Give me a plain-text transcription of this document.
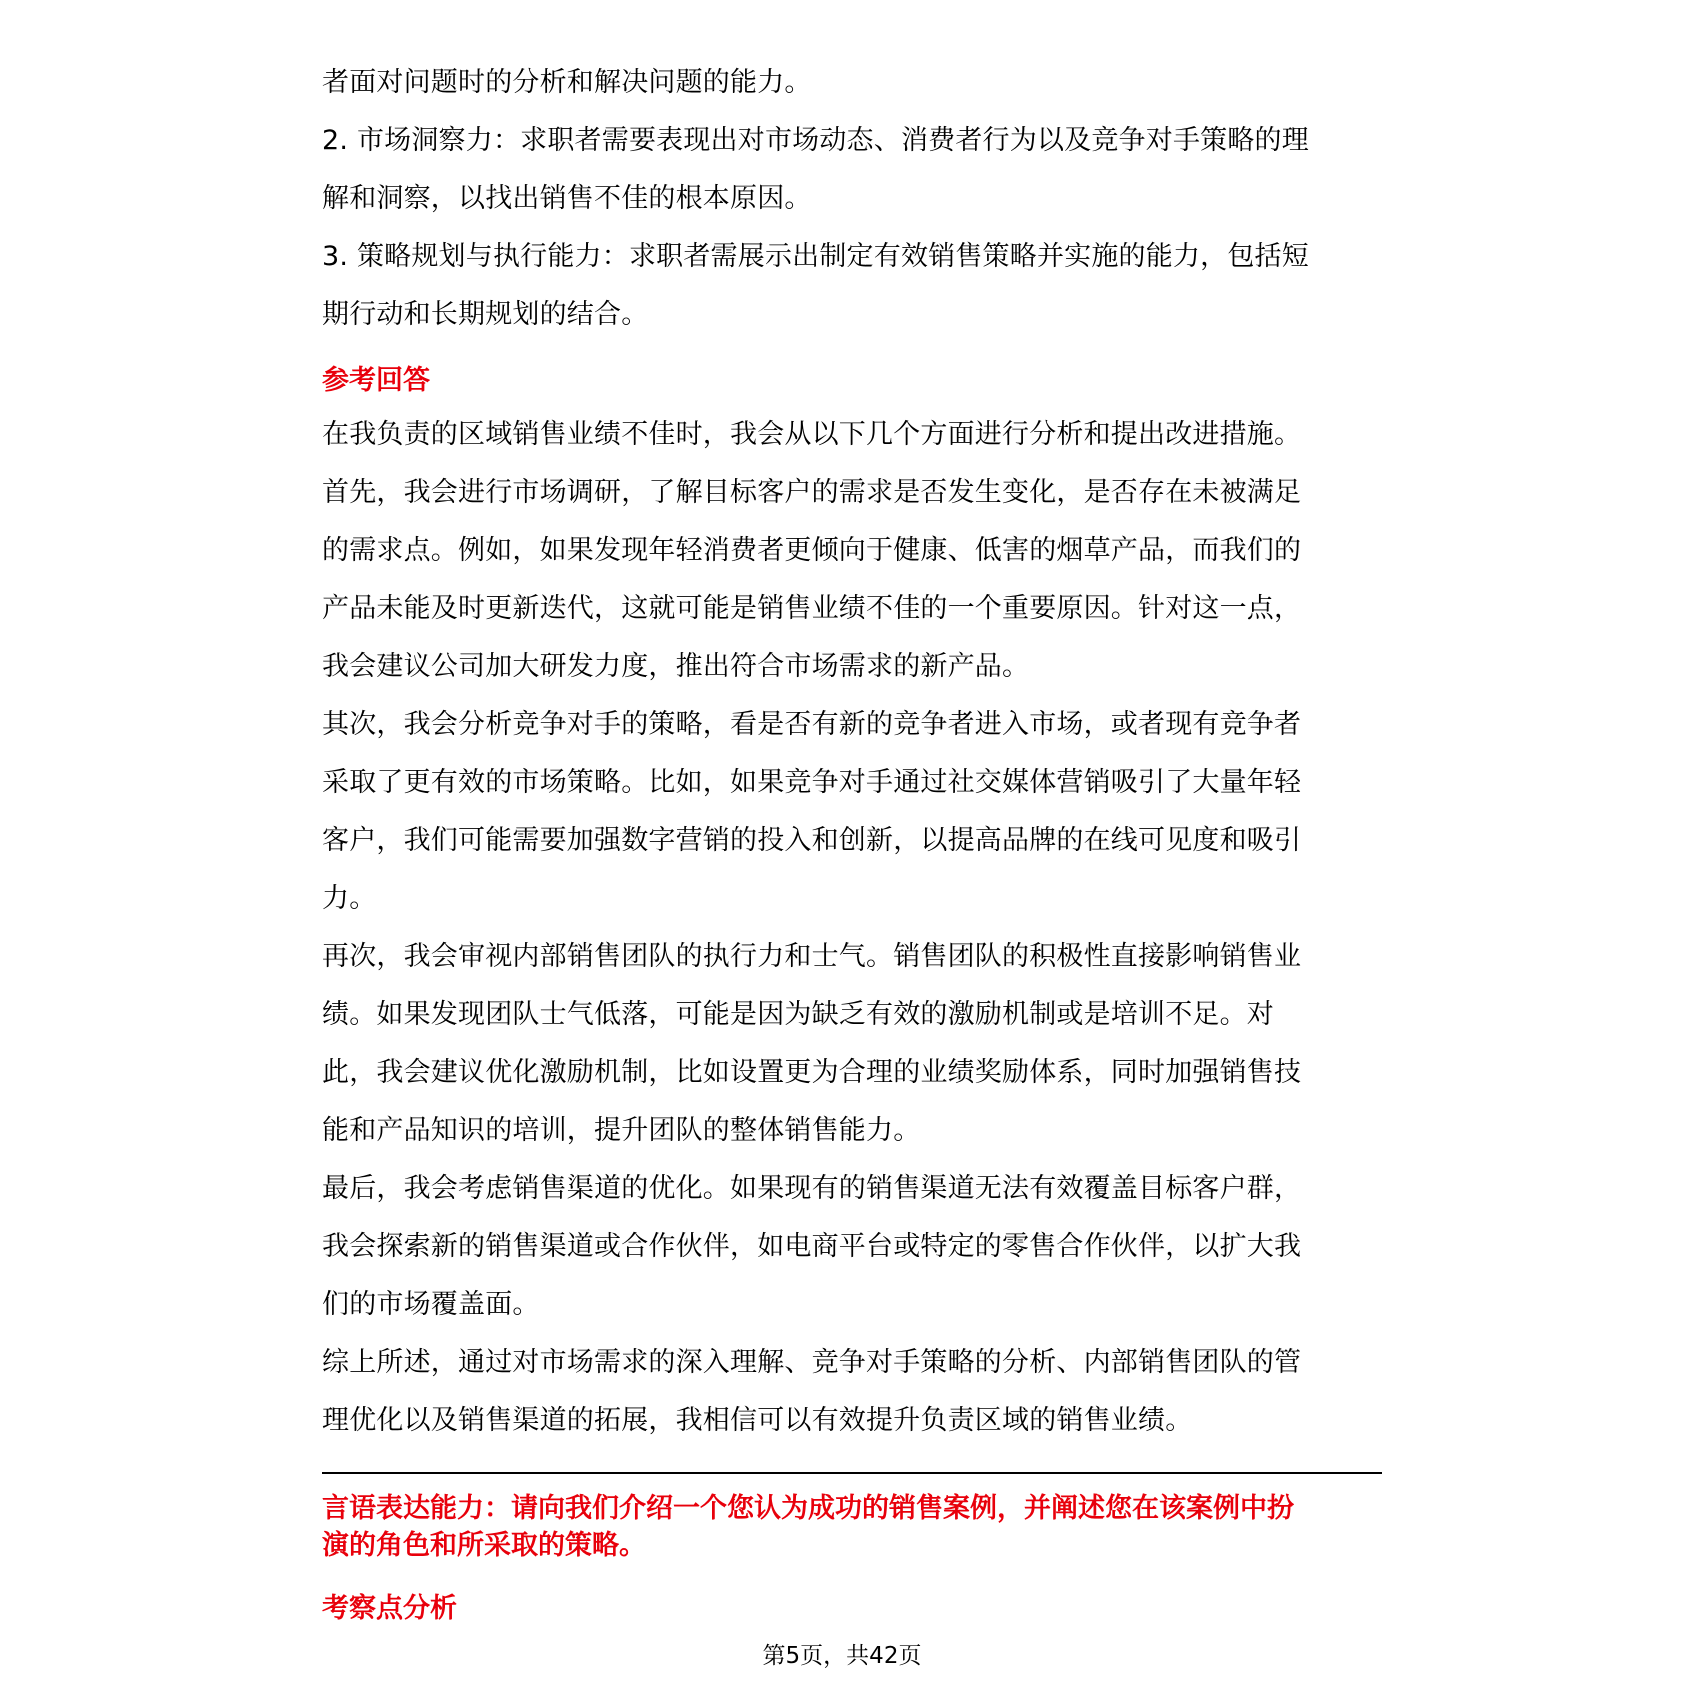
者面对问题时的分析和解决问题的能力。
2. 市场洞察力：求职者需要表现出对市场动态、消费者行为以及竞争对手策略的理
解和洞察，以找出销售不佳的根本原因。
3. 策略规划与执行能力：求职者需展示出制定有效销售策略并实施的能力，包括短
期行动和长期规划的结合。
参考回答
在我负责的区域销售业绩不佳时，我会从以下几个方面进行分析和提出改进措施。
首先，我会进行市场调研，了解目标客户的需求是否发生变化，是否存在未被满足
的需求点。例如，如果发现年轻消费者更倾向于健康、低害的烟草产品，而我们的
产品未能及时更新迭代，这就可能是销售业绩不佳的一个重要原因。针对这一点，
我会建议公司加大研发力度，推出符合市场需求的新产品。
其次，我会分析竞争对手的策略，看是否有新的竞争者进入市场，或者现有竞争者
采取了更有效的市场策略。比如，如果竞争对手通过社交媒体营销吸引了大量年轻
客户，我们可能需要加强数字营销的投入和创新，以提高品牌的在线可见度和吸引
力。
再次，我会审视内部销售团队的执行力和士气。销售团队的积极性直接影响销售业
绩。如果发现团队士气低落，可能是因为缺乏有效的激励机制或是培训不足。对
此，我会建议优化激励机制，比如设置更为合理的业绩奖励体系，同时加强销售技
能和产品知识的培训，提升团队的整体销售能力。
最后，我会考虑销售渠道的优化。如果现有的销售渠道无法有效覆盖目标客户群，
我会探索新的销售渠道或合作伙伴，如电商平台或特定的零售合作伙伴，以扩大我
们的市场覆盖面。
综上所述，通过对市场需求的深入理解、竞争对手策略的分析、内部销售团队的管
理优化以及销售渠道的拓展，我相信可以有效提升负责区域的销售业绩。
言语表达能力：请向我们介绍一个您认为成功的销售案例，并阐述您在该案例中扮
演的角色和所采取的策略。
考察点分析
第5页，共42页
